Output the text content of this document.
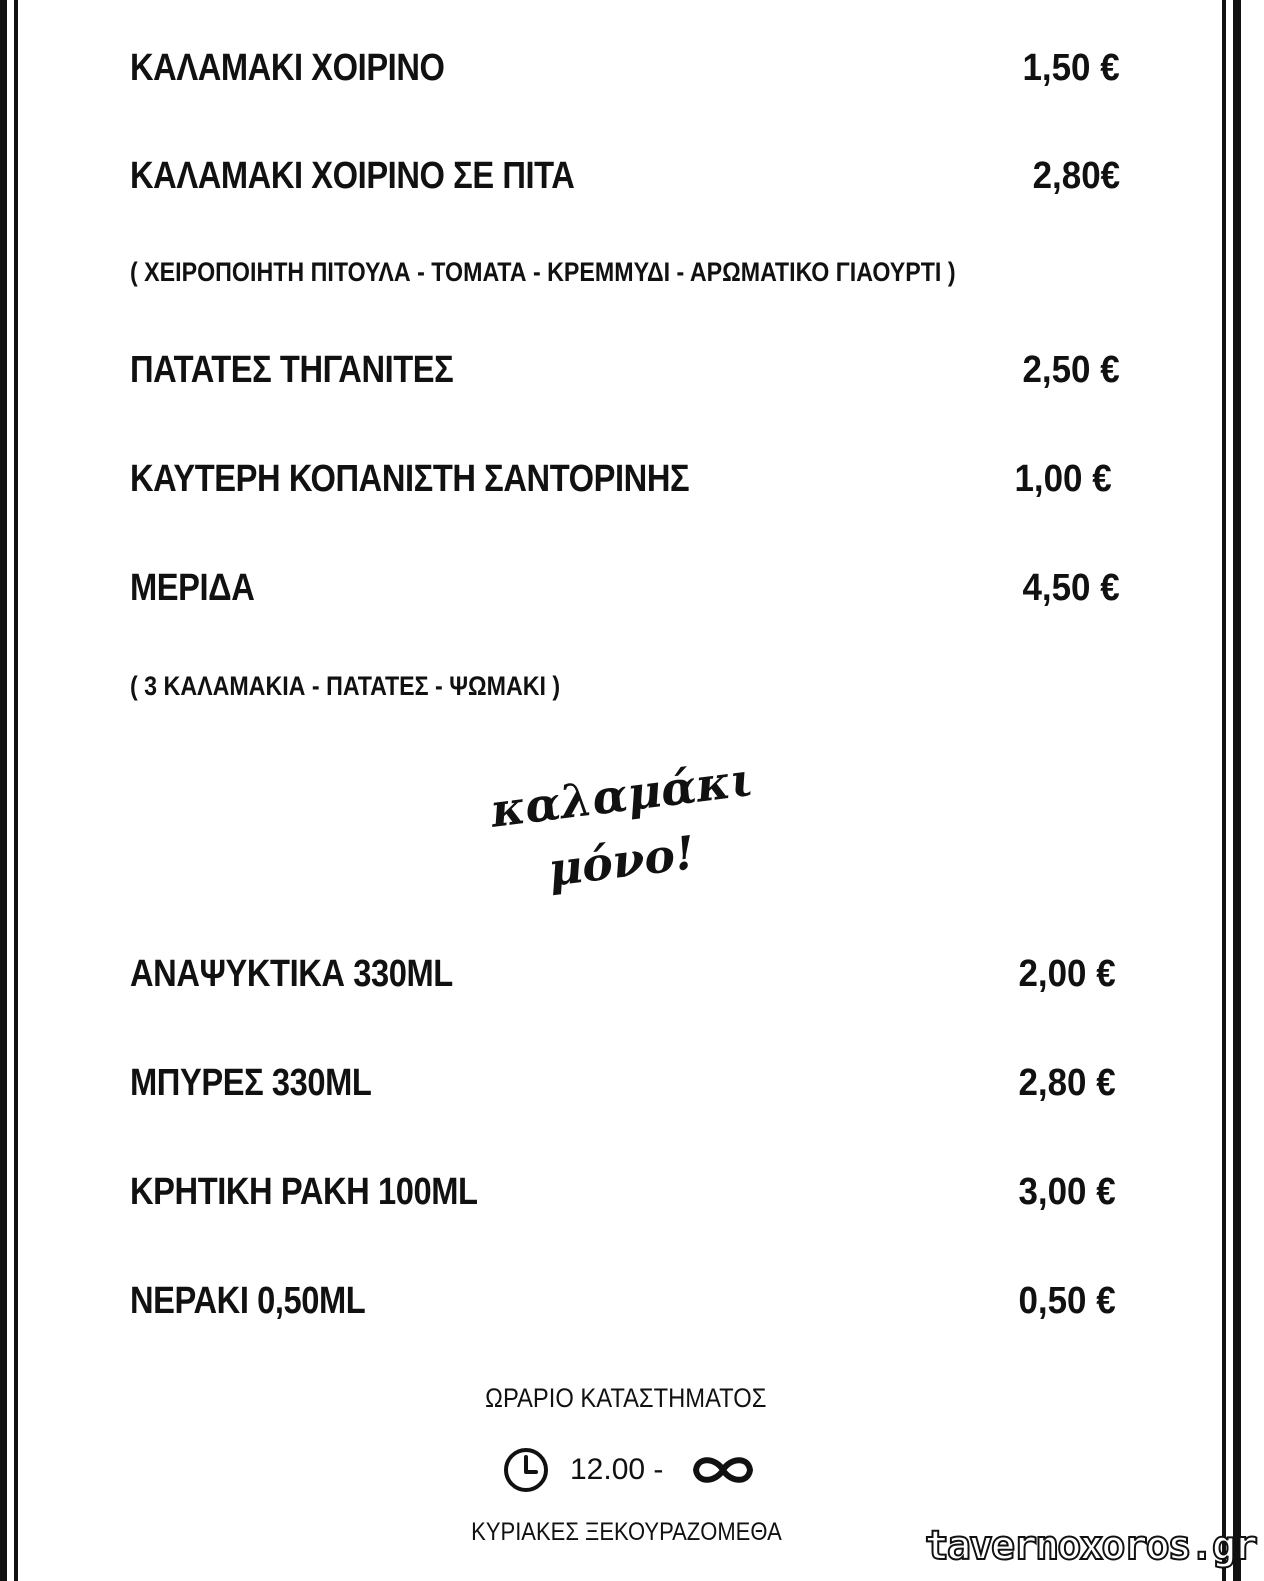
ΚΑΛΑΜΑΚΙ ΧΟΙΡΙΝΟ	1,50 €
ΚΑΛΑΜΑΚΙ ΧΟΙΡΙΝΟ ΣΕ ΠΙΤΑ	2,80€
( ΧΕΙΡΟΠΟΙΗΤΗ ΠΙΤΟΥΛΑ - ΤΟΜΑΤΑ - ΚΡΕΜΜΥΔΙ - ΑΡΩΜΑΤΙΚΟ ΓΙΑΟΥΡΤΙ )
ΠΑΤΑΤΕΣ ΤΗΓΑΝΙΤΕΣ	2,50 €
ΚΑΥΤΕΡΗ ΚΟΠΑΝΙΣΤΗ ΣΑΝΤΟΡΙΝΗΣ	1,00 €
ΜΕΡΙΔΑ	4,50 €
( 3 ΚΑΛΑΜΑΚΙΑ - ΠΑΤΑΤΕΣ - ΨΩΜΑΚΙ )
καλαμάκι
μόνο!
ΑΝΑΨΥΚΤΙΚΑ 330ML	2,00 €
ΜΠΥΡΕΣ 330ML	2,80 €
ΚΡΗΤΙΚΗ ΡΑΚΗ 100ML	3,00 €
ΝΕΡΑΚΙ 0,50ML	0,50 €
ΩΡΑΡΙΟ ΚΑΤΑΣΤΗΜΑΤΟΣ
12.00 -
ΚΥΡΙΑΚΕΣ ΞΕΚΟΥΡΑΖΟΜΕΘΑ	tavernoxoros.gr
